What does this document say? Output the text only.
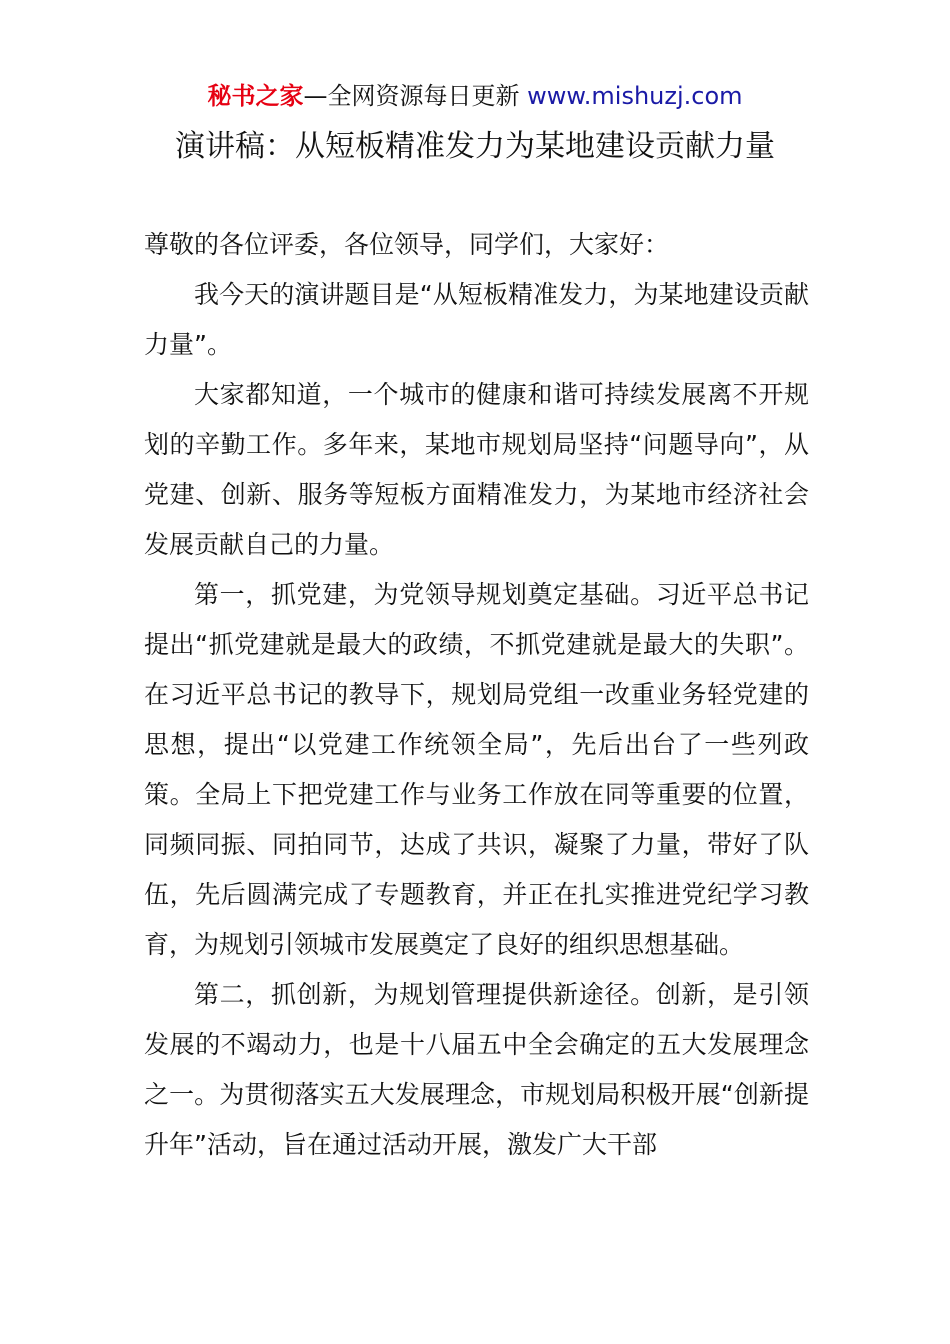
秘书之家—全网资源每日更新 www.mishuzj.com
演讲稿：从短板精准发力为某地建设贡献力量

尊敬的各位评委，各位领导，同学们，大家好：

我今天的演讲题目是“从短板精准发力，为某地建设贡献力量”。

大家都知道，一个城市的健康和谐可持续发展离不开规划的辛勤工作。多年来，某地市规划局坚持“问题导向”，从党建、创新、服务等短板方面精准发力，为某地市经济社会发展贡献自己的力量。

第一，抓党建，为党领导规划奠定基础。习近平总书记提出“抓党建就是最大的政绩，不抓党建就是最大的失职”。在习近平总书记的教导下，规划局党组一改重业务轻党建的思想，提出“以党建工作统领全局”，先后出台了一些列政策。全局上下把党建工作与业务工作放在同等重要的位置，同频同振、同拍同节，达成了共识，凝聚了力量，带好了队伍，先后圆满完成了专题教育，并正在扎实推进党纪学习教育，为规划引领城市发展奠定了良好的组织思想基础。

第二，抓创新，为规划管理提供新途径。创新，是引领发展的不竭动力，也是十八届五中全会确定的五大发展理念之一。为贯彻落实五大发展理念，市规划局积极开展“创新提升年”活动，旨在通过活动开展，激发广大干部
